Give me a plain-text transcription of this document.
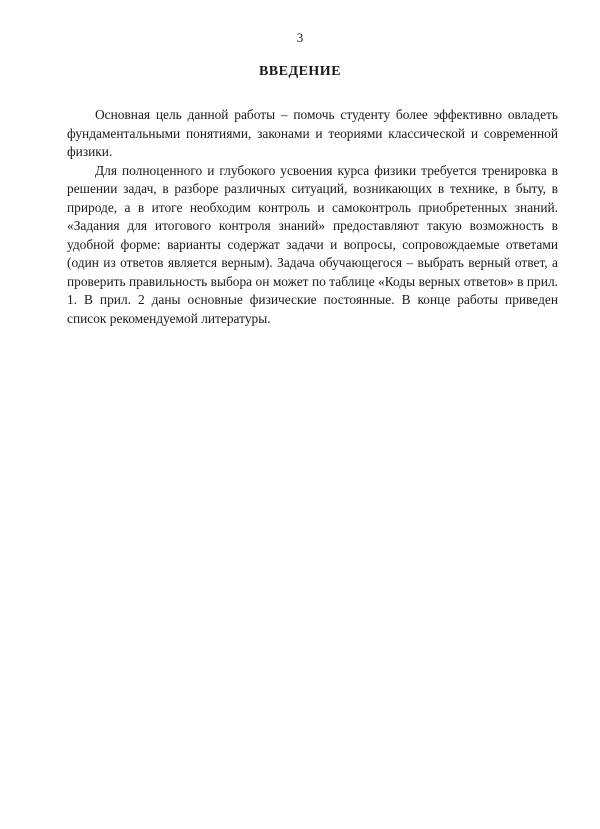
3
ВВЕДЕНИЕ

Основная цель данной работы – помочь студенту более эффективно овладеть фундаментальными понятиями, законами и теориями классической и современной физики.

Для полноценного и глубокого усвоения курса физики требуется тренировка в решении задач, в разборе различных ситуаций, возникающих в технике, в быту, в природе, а в итоге необходим контроль и самоконтроль приобретенных знаний. «Задания для итогового контроля знаний» предоставляют такую возможность в удобной форме: варианты содержат задачи и вопросы, сопровождаемые ответами (один из ответов является верным). Задача обучающегося – выбрать верный ответ, а проверить правильность выбора он может по таблице «Коды верных ответов» в прил. 1. В прил. 2 даны основные физические постоянные. В конце работы приведен список рекомендуемой литературы.
